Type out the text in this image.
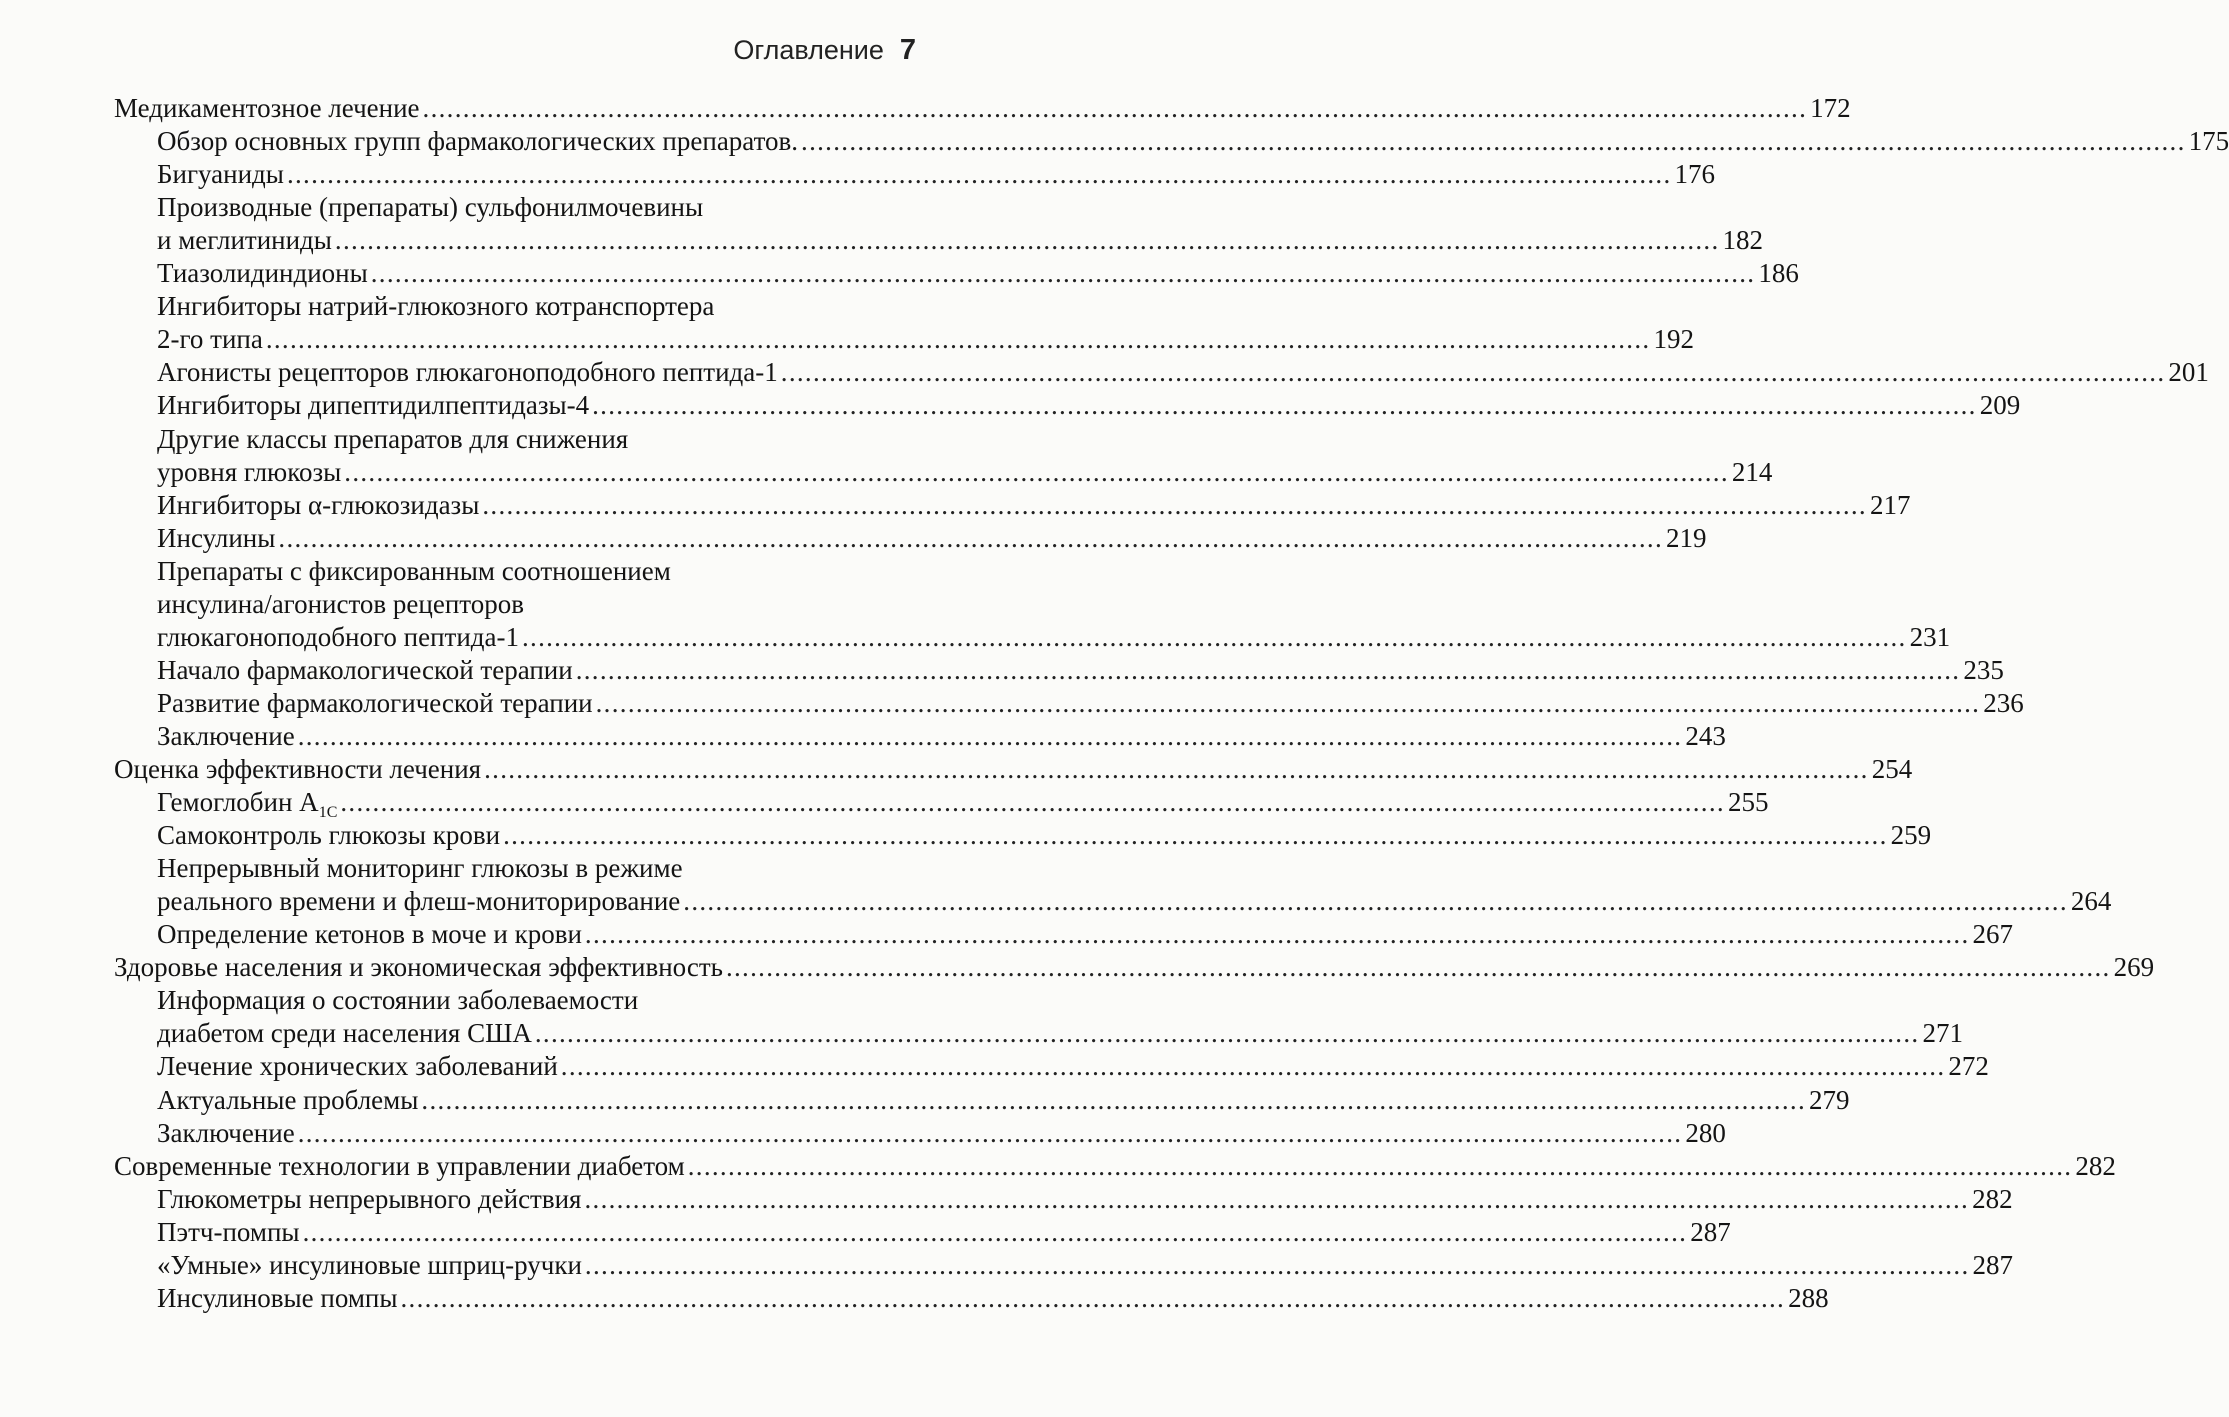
Оглавление 7
Медикаментозное лечение ............................................................................................................................................................................ 172
Обзор основных групп фармакологических препаратов. ............................................................................................................................................................................ 175
Бигуаниды ............................................................................................................................................................................ 176
Производные (препараты) сульфонилмочевины
и меглитиниды ............................................................................................................................................................................ 182
Тиазолидиндионы ............................................................................................................................................................................ 186
Ингибиторы натрий-глюкозного котранспортера
2-го типа ............................................................................................................................................................................ 192
Агонисты рецепторов глюкагоноподобного пептида-1 ............................................................................................................................................................................ 201
Ингибиторы дипептидилпептидазы-4 ............................................................................................................................................................................ 209
Другие классы препаратов для снижения
уровня глюкозы ............................................................................................................................................................................ 214
Ингибиторы α-глюкозидазы ............................................................................................................................................................................ 217
Инсулины ............................................................................................................................................................................ 219
Препараты с фиксированным соотношением
инсулина/агонистов рецепторов
глюкагоноподобного пептида-1 ............................................................................................................................................................................ 231
Начало фармакологической терапии ............................................................................................................................................................................ 235
Развитие фармакологической терапии ............................................................................................................................................................................ 236
Заключение ............................................................................................................................................................................ 243
Оценка эффективности лечения ............................................................................................................................................................................ 254
Гемоглобин $A_{1C}$ ............................................................................................................................................................................ 255
Самоконтроль глюкозы крови ............................................................................................................................................................................ 259
Непрерывный мониторинг глюкозы в режиме
реального времени и флеш-мониторирование ............................................................................................................................................................................ 264
Определение кетонов в моче и крови ............................................................................................................................................................................ 267
Здоровье населения и экономическая эффективность ............................................................................................................................................................................ 269
Информация о состоянии заболеваемости
диабетом среди населения США ............................................................................................................................................................................ 271
Лечение хронических заболеваний ............................................................................................................................................................................ 272
Актуальные проблемы ............................................................................................................................................................................ 279
Заключение ............................................................................................................................................................................ 280
Современные технологии в управлении диабетом ............................................................................................................................................................................ 282
Глюкометры непрерывного действия ............................................................................................................................................................................ 282
Пэтч-помпы ............................................................................................................................................................................ 287
«Умные» инсулиновые шприц-ручки ............................................................................................................................................................................ 287
Инсулиновые помпы ............................................................................................................................................................................ 288
